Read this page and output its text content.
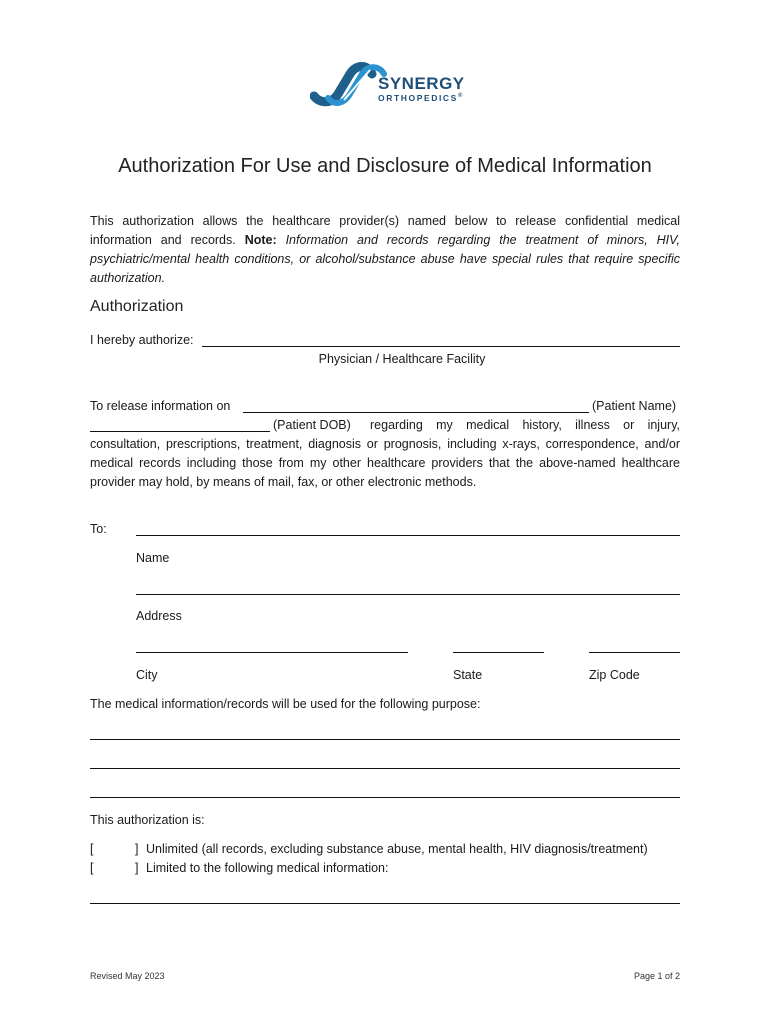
SYNERGY
ORTHOPEDICS®
Authorization For Use and Disclosure of Medical Information
This authorization allows the healthcare provider(s) named below to release confidential medical information and records. Note: Information and records regarding the treatment of minors, HIV, psychiatric/mental health conditions, or alcohol/substance abuse have special rules that require specific authorization.
Authorization
I hereby authorize:
Physician / Healthcare Facility
To release information on	(Patient Name)
(Patient DOB) regarding my medical history, illness or injury,
consultation, prescriptions, treatment, diagnosis or prognosis, including x-rays, correspondence, and/or medical records including those from my other healthcare providers that the above-named healthcare provider may hold, by means of mail, fax, or other electronic methods.
To:
Name
Address
City	State	Zip Code
The medical information/records will be used for the following purpose:
This authorization is:
[	] Unlimited (all records, excluding substance abuse, mental health, HIV diagnosis/treatment)
[	] Limited to the following medical information:
Revised May 2023	Page 1 of 2
